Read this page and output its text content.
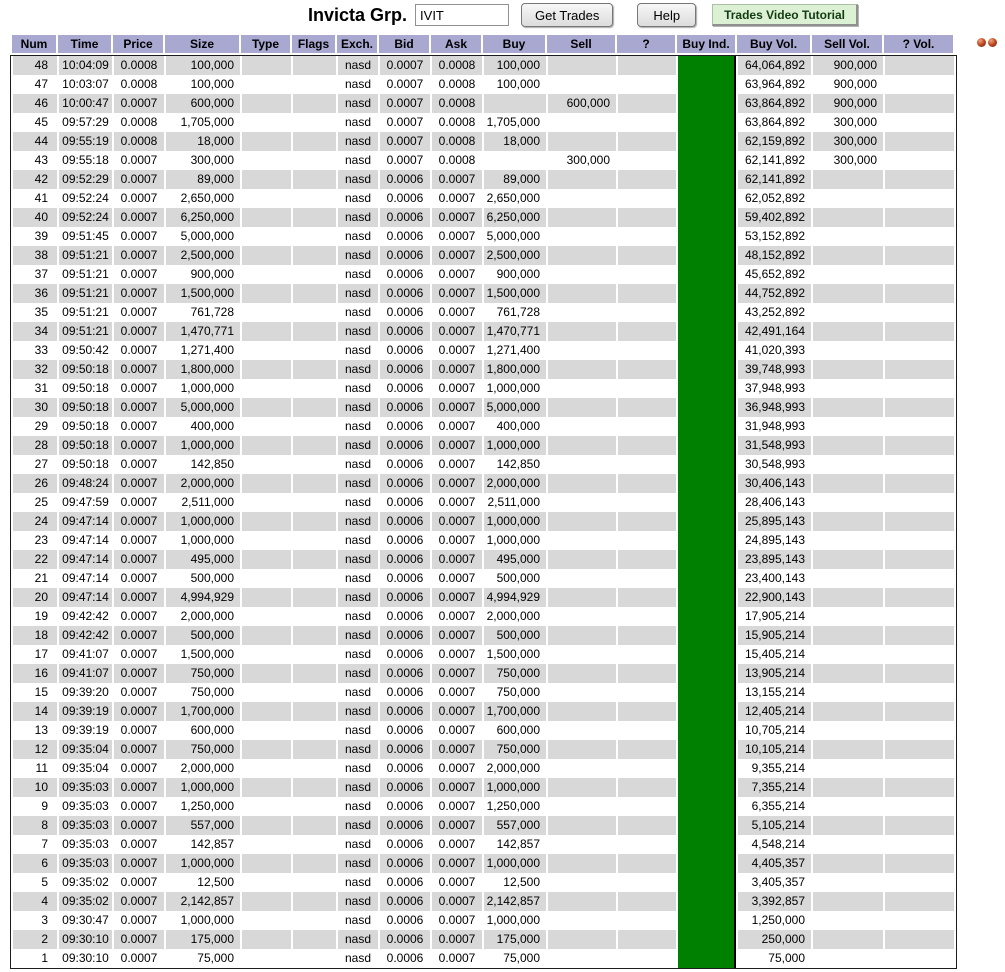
Invicta Grp.
IVIT	Get Trades	Help	Trades Video Tutorial
Num	Time	Price	Size	Type	Flags	Exch.	Bid	Ask	Buy	Sell	?	Buy Ind.	Buy Vol.	Sell Vol.	? Vol.
48	10:04:09	0.0008	100,000			nasd	0.0007	0.0008	100,000				64,064,892	900,000	
47	10:03:07	0.0008	100,000			nasd	0.0007	0.0008	100,000				63,964,892	900,000	
46	10:00:47	0.0007	600,000			nasd	0.0007	0.0008		600,000			63,864,892	900,000	
45	09:57:29	0.0008	1,705,000			nasd	0.0007	0.0008	1,705,000				63,864,892	300,000	
44	09:55:19	0.0008	18,000			nasd	0.0007	0.0008	18,000				62,159,892	300,000	
43	09:55:18	0.0007	300,000			nasd	0.0007	0.0008		300,000			62,141,892	300,000	
42	09:52:29	0.0007	89,000			nasd	0.0006	0.0007	89,000				62,141,892		
41	09:52:24	0.0007	2,650,000			nasd	0.0006	0.0007	2,650,000				62,052,892		
40	09:52:24	0.0007	6,250,000			nasd	0.0006	0.0007	6,250,000				59,402,892		
39	09:51:45	0.0007	5,000,000			nasd	0.0006	0.0007	5,000,000				53,152,892		
38	09:51:21	0.0007	2,500,000			nasd	0.0006	0.0007	2,500,000				48,152,892		
37	09:51:21	0.0007	900,000			nasd	0.0006	0.0007	900,000				45,652,892		
36	09:51:21	0.0007	1,500,000			nasd	0.0006	0.0007	1,500,000				44,752,892		
35	09:51:21	0.0007	761,728			nasd	0.0006	0.0007	761,728				43,252,892		
34	09:51:21	0.0007	1,470,771			nasd	0.0006	0.0007	1,470,771				42,491,164		
33	09:50:42	0.0007	1,271,400			nasd	0.0006	0.0007	1,271,400				41,020,393		
32	09:50:18	0.0007	1,800,000			nasd	0.0006	0.0007	1,800,000				39,748,993		
31	09:50:18	0.0007	1,000,000			nasd	0.0006	0.0007	1,000,000				37,948,993		
30	09:50:18	0.0007	5,000,000			nasd	0.0006	0.0007	5,000,000				36,948,993		
29	09:50:18	0.0007	400,000			nasd	0.0006	0.0007	400,000				31,948,993		
28	09:50:18	0.0007	1,000,000			nasd	0.0006	0.0007	1,000,000				31,548,993		
27	09:50:18	0.0007	142,850			nasd	0.0006	0.0007	142,850				30,548,993		
26	09:48:24	0.0007	2,000,000			nasd	0.0006	0.0007	2,000,000				30,406,143		
25	09:47:59	0.0007	2,511,000			nasd	0.0006	0.0007	2,511,000				28,406,143		
24	09:47:14	0.0007	1,000,000			nasd	0.0006	0.0007	1,000,000				25,895,143		
23	09:47:14	0.0007	1,000,000			nasd	0.0006	0.0007	1,000,000				24,895,143		
22	09:47:14	0.0007	495,000			nasd	0.0006	0.0007	495,000				23,895,143		
21	09:47:14	0.0007	500,000			nasd	0.0006	0.0007	500,000				23,400,143		
20	09:47:14	0.0007	4,994,929			nasd	0.0006	0.0007	4,994,929				22,900,143		
19	09:42:42	0.0007	2,000,000			nasd	0.0006	0.0007	2,000,000				17,905,214		
18	09:42:42	0.0007	500,000			nasd	0.0006	0.0007	500,000				15,905,214		
17	09:41:07	0.0007	1,500,000			nasd	0.0006	0.0007	1,500,000				15,405,214		
16	09:41:07	0.0007	750,000			nasd	0.0006	0.0007	750,000				13,905,214		
15	09:39:20	0.0007	750,000			nasd	0.0006	0.0007	750,000				13,155,214		
14	09:39:19	0.0007	1,700,000			nasd	0.0006	0.0007	1,700,000				12,405,214		
13	09:39:19	0.0007	600,000			nasd	0.0006	0.0007	600,000				10,705,214		
12	09:35:04	0.0007	750,000			nasd	0.0006	0.0007	750,000				10,105,214		
11	09:35:04	0.0007	2,000,000			nasd	0.0006	0.0007	2,000,000				9,355,214		
10	09:35:03	0.0007	1,000,000			nasd	0.0006	0.0007	1,000,000				7,355,214		
9	09:35:03	0.0007	1,250,000			nasd	0.0006	0.0007	1,250,000				6,355,214		
8	09:35:03	0.0007	557,000			nasd	0.0006	0.0007	557,000				5,105,214		
7	09:35:03	0.0007	142,857			nasd	0.0006	0.0007	142,857				4,548,214		
6	09:35:03	0.0007	1,000,000			nasd	0.0006	0.0007	1,000,000				4,405,357		
5	09:35:02	0.0007	12,500			nasd	0.0006	0.0007	12,500				3,405,357		
4	09:35:02	0.0007	2,142,857			nasd	0.0006	0.0007	2,142,857				3,392,857		
3	09:30:47	0.0007	1,000,000			nasd	0.0006	0.0007	1,000,000				1,250,000		
2	09:30:10	0.0007	175,000			nasd	0.0006	0.0007	175,000				250,000		
1	09:30:10	0.0007	75,000			nasd	0.0006	0.0007	75,000				75,000		
